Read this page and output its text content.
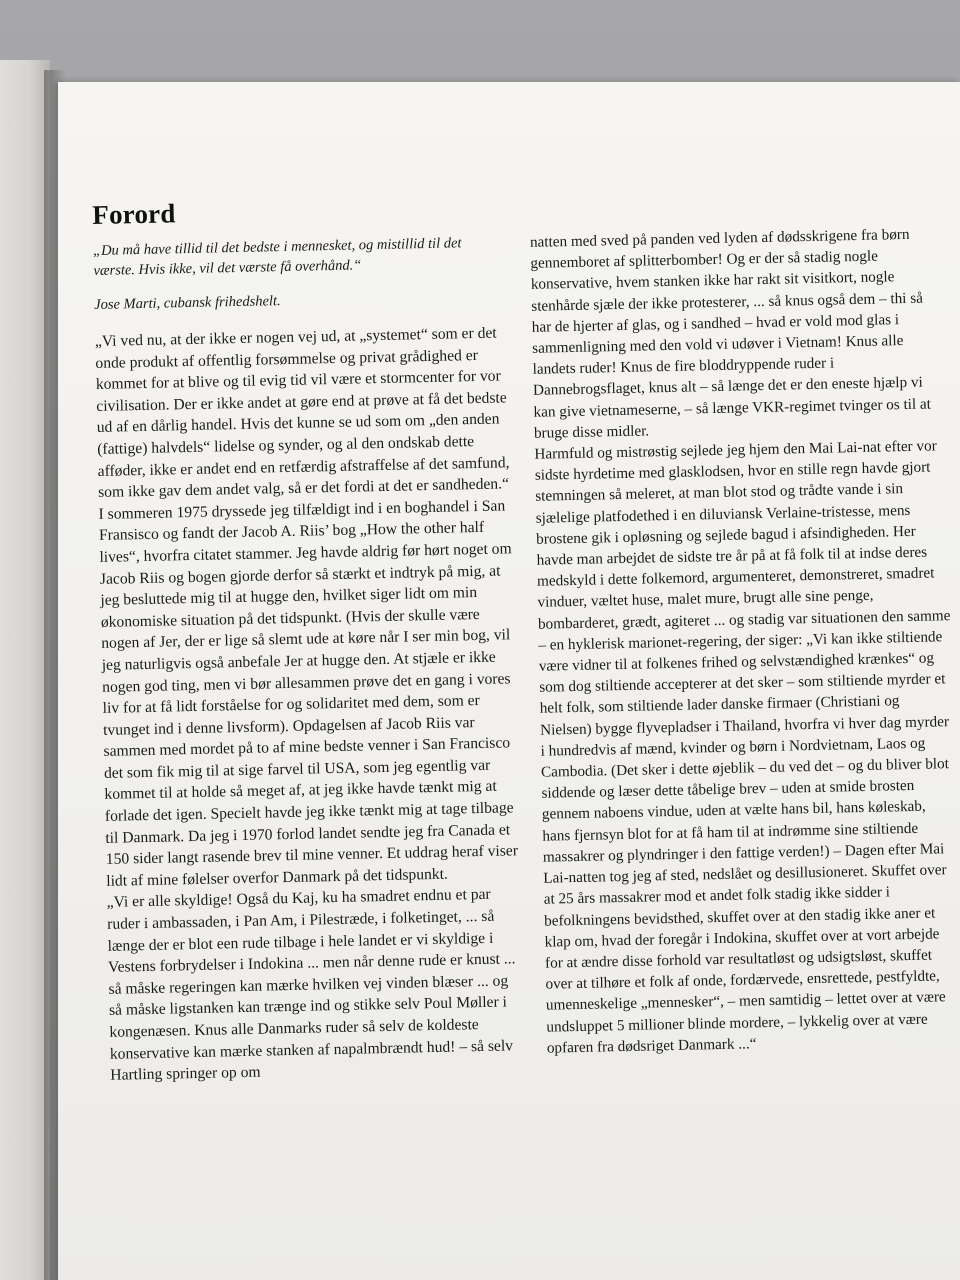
Forord

„Du må have tillid til det bedste i mennesket, og mistillid til det værste. Hvis ikke, vil det værste få overhånd.“

Jose Marti, cubansk frihedshelt.

„Vi ved nu, at der ikke er nogen vej ud, at „systemet“ som er det onde produkt af offentlig forsømmelse og privat grådighed er kommet for at blive og til evig tid vil være et stormcenter for vor civilisation. Der er ikke andet at gøre end at prøve at få det bedste ud af en dårlig handel. Hvis det kunne se ud som om „den anden (fattige) halvdels“ lidelse og synder, og al den ondskab dette afføder, ikke er andet end en retfærdig afstraffelse af det samfund, som ikke gav dem andet valg, så er det fordi at det er sandheden.“
I sommeren 1975 dryssede jeg tilfældigt ind i en boghandel i San Fransisco og fandt der Jacob A. Riis’ bog „How the other half lives“, hvorfra citatet stammer. Jeg havde aldrig før hørt noget om Jacob Riis og bogen gjorde derfor så stærkt et indtryk på mig, at jeg besluttede mig til at hugge den, hvilket siger lidt om min økonomiske situation på det tidspunkt. (Hvis der skulle være nogen af Jer, der er lige så slemt ude at køre når I ser min bog, vil jeg naturligvis også anbefale Jer at hugge den. At stjæle er ikke nogen god ting, men vi bør allesammen prøve det en gang i vores liv for at få lidt forståelse for og solidaritet med dem, som er tvunget ind i denne livsform). Opdagelsen af Jacob Riis var sammen med mordet på to af mine bedste venner i San Francisco det som fik mig til at sige farvel til USA, som jeg egentlig var kommet til at holde så meget af, at jeg ikke havde tænkt mig at forlade det igen. Specielt havde jeg ikke tænkt mig at tage tilbage til Danmark. Da jeg i 1970 forlod landet sendte jeg fra Canada et 150 sider langt rasende brev til mine venner. Et uddrag heraf viser lidt af mine følelser overfor Danmark på det tidspunkt.
„Vi er alle skyldige! Også du Kaj, ku ha smadret endnu et par ruder i ambassaden, i Pan Am, i Pilestræde, i folketinget, ... så længe der er blot een rude tilbage i hele landet er vi skyldige i Vestens forbrydelser i Indokina ... men når denne rude er knust ... så måske regeringen kan mærke hvilken vej vinden blæser ... og så måske ligstanken kan trænge ind og stikke selv Poul Møller i kongenæsen. Knus alle Danmarks ruder så selv de koldeste konservative kan mærke stanken af napalmbrændt hud! – så selv Hartling springer op om

natten med sved på panden ved lyden af dødsskrigene fra børn gennemboret af splitterbomber! Og er der så stadig nogle konservative, hvem stanken ikke har rakt sit visitkort, nogle stenhårde sjæle der ikke protesterer, ... så knus også dem – thi så har de hjerter af glas, og i sandhed – hvad er vold mod glas i sammenligning med den vold vi udøver i Vietnam! Knus alle landets ruder! Knus de fire bloddryppende ruder i Dannebrogsflaget, knus alt – så længe det er den eneste hjælp vi kan give vietnameserne, – så længe VKR-regimet tvinger os til at bruge disse midler.
Harmfuld og mistrøstig sejlede jeg hjem den Mai Lai-nat efter vor sidste hyrdetime med glasklodsen, hvor en stille regn havde gjort stemningen så meleret, at man blot stod og trådte vande i sin sjælelige platfodethed i en diluviansk Verlaine-tristesse, mens brostene gik i opløsning og sejlede bagud i afsindigheden. Her havde man arbejdet de sidste tre år på at få folk til at indse deres medskyld i dette folkemord, argumenteret, demonstreret, smadret vinduer, væltet huse, malet mure, brugt alle sine penge, bombarderet, grædt, agiteret ... og stadig var situationen den samme – en hyklerisk marionet-regering, der siger: „Vi kan ikke stiltiende være vidner til at folkenes frihed og selvstændighed krænkes“ og som dog stiltiende accepterer at det sker – som stiltiende myrder et helt folk, som stiltiende lader danske firmaer (Christiani og Nielsen) bygge flyvepladser i Thailand, hvorfra vi hver dag myrder i hundredvis af mænd, kvinder og børn i Nordvietnam, Laos og Cambodia. (Det sker i dette øjeblik – du ved det – og du bliver blot siddende og læser dette tåbelige brev – uden at smide brosten gennem naboens vindue, uden at vælte hans bil, hans køleskab, hans fjernsyn blot for at få ham til at indrømme sine stiltiende massakrer og plyndringer i den fattige verden!) – Dagen efter Mai Lai-natten tog jeg af sted, nedslået og desillusioneret. Skuffet over at 25 års massakrer mod et andet folk stadig ikke sidder i befolkningens bevidsthed, skuffet over at den stadig ikke aner et klap om, hvad der foregår i Indokina, skuffet over at vort arbejde for at ændre disse forhold var resultatløst og udsigtsløst, skuffet over at tilhøre et folk af onde, fordærvede, ensrettede, pestfyldte, umenneskelige „mennesker“, – men samtidig – lettet over at være undsluppet 5 millioner blinde mordere, – lykkelig over at være opfaren fra dødsriget Danmark ...“
